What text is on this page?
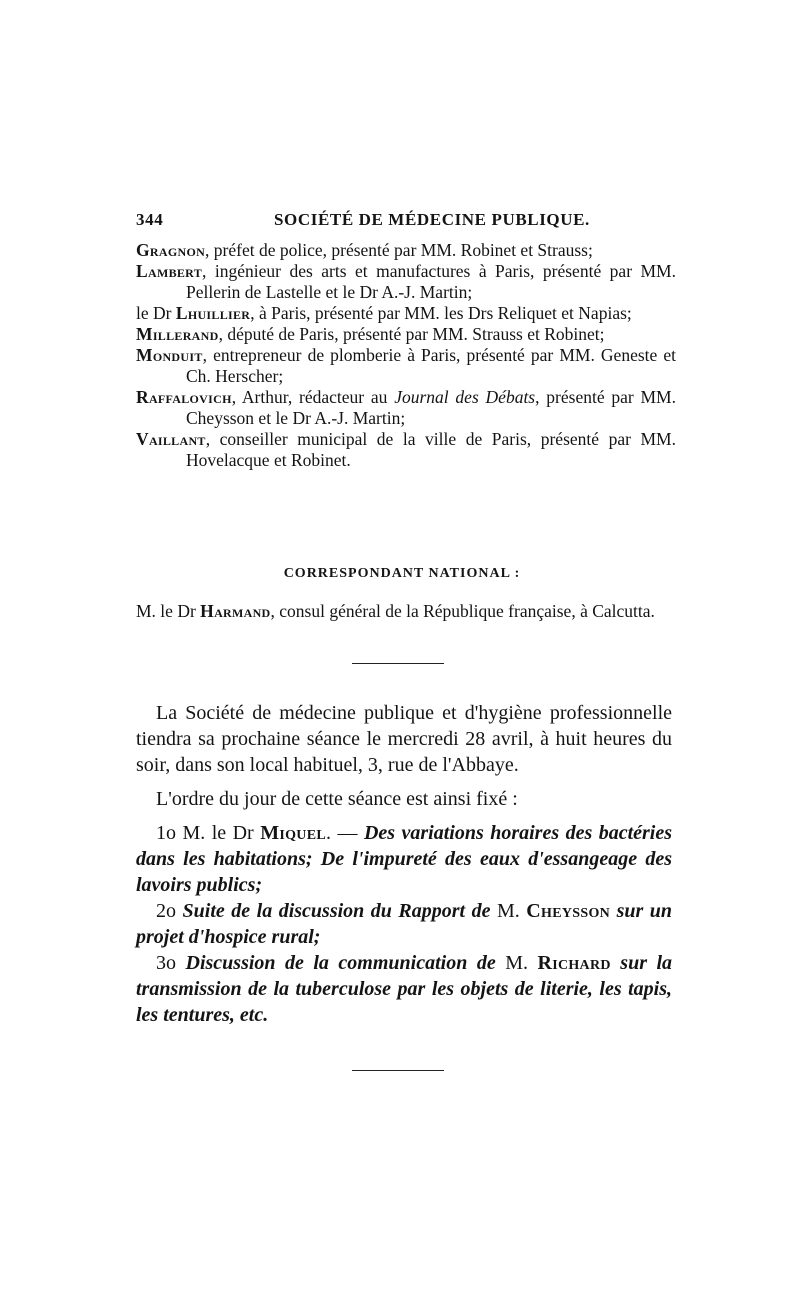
344	SOCIÉTÉ DE MÉDECINE PUBLIQUE.

Gragnon, préfet de police, présenté par MM. Robinet et Strauss;

Lambert, ingénieur des arts et manufactures à Paris, présenté par MM. Pellerin de Lastelle et le Dr A.-J. Martin;

le Dr Lhuillier, à Paris, présenté par MM. les Drs Reliquet et Napias;

Millerand, député de Paris, présenté par MM. Strauss et Robinet;

Monduit, entrepreneur de plomberie à Paris, présenté par MM. Geneste et Ch. Herscher;

Raffalovich, Arthur, rédacteur au Journal des Débats, présenté par MM. Cheysson et le Dr A.-J. Martin;

Vaillant, conseiller municipal de la ville de Paris, présenté par MM. Hovelacque et Robinet.

CORRESPONDANT NATIONAL :

M. le Dr Harmand, consul général de la République française, à Calcutta.

La Société de médecine publique et d'hygiène professionnelle tiendra sa prochaine séance le mercredi 28 avril, à huit heures du soir, dans son local habituel, 3, rue de l'Abbaye.

L'ordre du jour de cette séance est ainsi fixé :

1o M. le Dr Miquel. — Des variations horaires des bactéries dans les habitations; De l'impureté des eaux d'essangeage des lavoirs publics;

2o Suite de la discussion du Rapport de M. Cheysson sur un projet d'hospice rural;

3o Discussion de la communication de M. Richard sur la transmission de la tuberculose par les objets de literie, les tapis, les tentures, etc.
